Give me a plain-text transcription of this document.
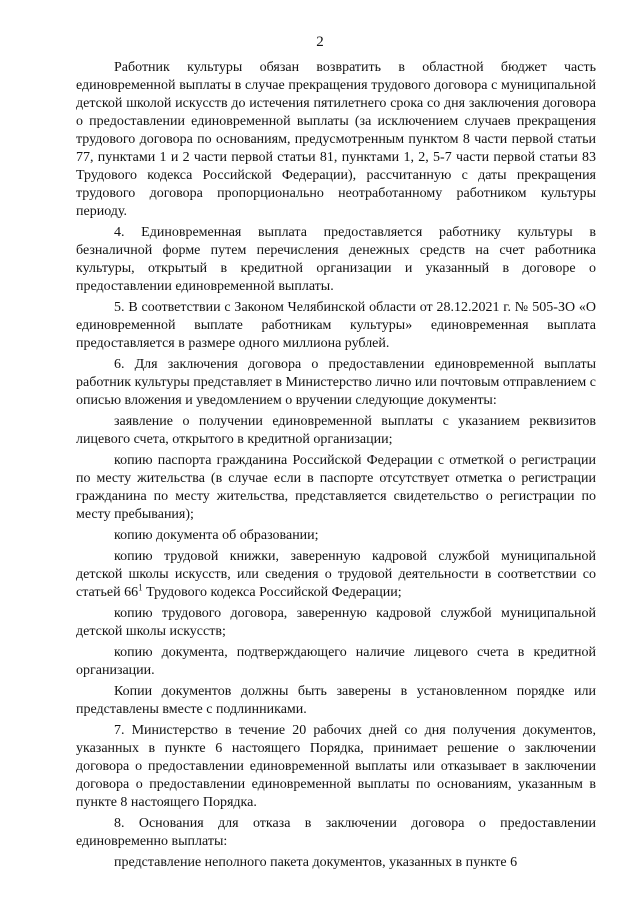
2

Работник культуры обязан возвратить в областной бюджет часть единовременной выплаты в случае прекращения трудового договора с муниципальной детской школой искусств до истечения пятилетнего срока со дня заключения договора о предоставлении единовременной выплаты (за исключением случаев прекращения трудового договора по основаниям, предусмотренным пунктом 8 части первой статьи 77, пунктами 1 и 2 части первой статьи 81, пунктами 1, 2, 5-7 части первой статьи 83 Трудового кодекса Российской Федерации), рассчитанную с даты прекращения трудового договора пропорционально неотработанному работником культуры периоду.

4. Единовременная выплата предоставляется работнику культуры в безналичной форме путем перечисления денежных средств на счет работника культуры, открытый в кредитной организации и указанный в договоре о предоставлении единовременной выплаты.

5. В соответствии с Законом Челябинской области от 28.12.2021 г. № 505-ЗО «О единовременной выплате работникам культуры» единовременная выплата предоставляется в размере одного миллиона рублей.

6. Для заключения договора о предоставлении единовременной выплаты работник культуры представляет в Министерство лично или почтовым отправлением с описью вложения и уведомлением о вручении следующие документы:

заявление о получении единовременной выплаты с указанием реквизитов лицевого счета, открытого в кредитной организации;

копию паспорта гражданина Российской Федерации с отметкой о регистрации по месту жительства (в случае если в паспорте отсутствует отметка о регистрации гражданина по месту жительства, представляется свидетельство о регистрации по месту пребывания);

копию документа об образовании;

копию трудовой книжки, заверенную кадровой службой муниципальной детской школы искусств, или сведения о трудовой деятельности в соответствии со статьей $66^1$ Трудового кодекса Российской Федерации;

копию трудового договора, заверенную кадровой службой муниципальной детской школы искусств;

копию документа, подтверждающего наличие лицевого счета в кредитной организации.

Копии документов должны быть заверены в установленном порядке или представлены вместе с подлинниками.

7. Министерство в течение 20 рабочих дней со дня получения документов, указанных в пункте 6 настоящего Порядка, принимает решение о заключении договора о предоставлении единовременной выплаты или отказывает в заключении договора о предоставлении единовременной выплаты по основаниям, указанным в пункте 8 настоящего Порядка.

8. Основания для отказа в заключении договора о предоставлении единовременно выплаты:

представление неполного пакета документов, указанных в пункте 6
